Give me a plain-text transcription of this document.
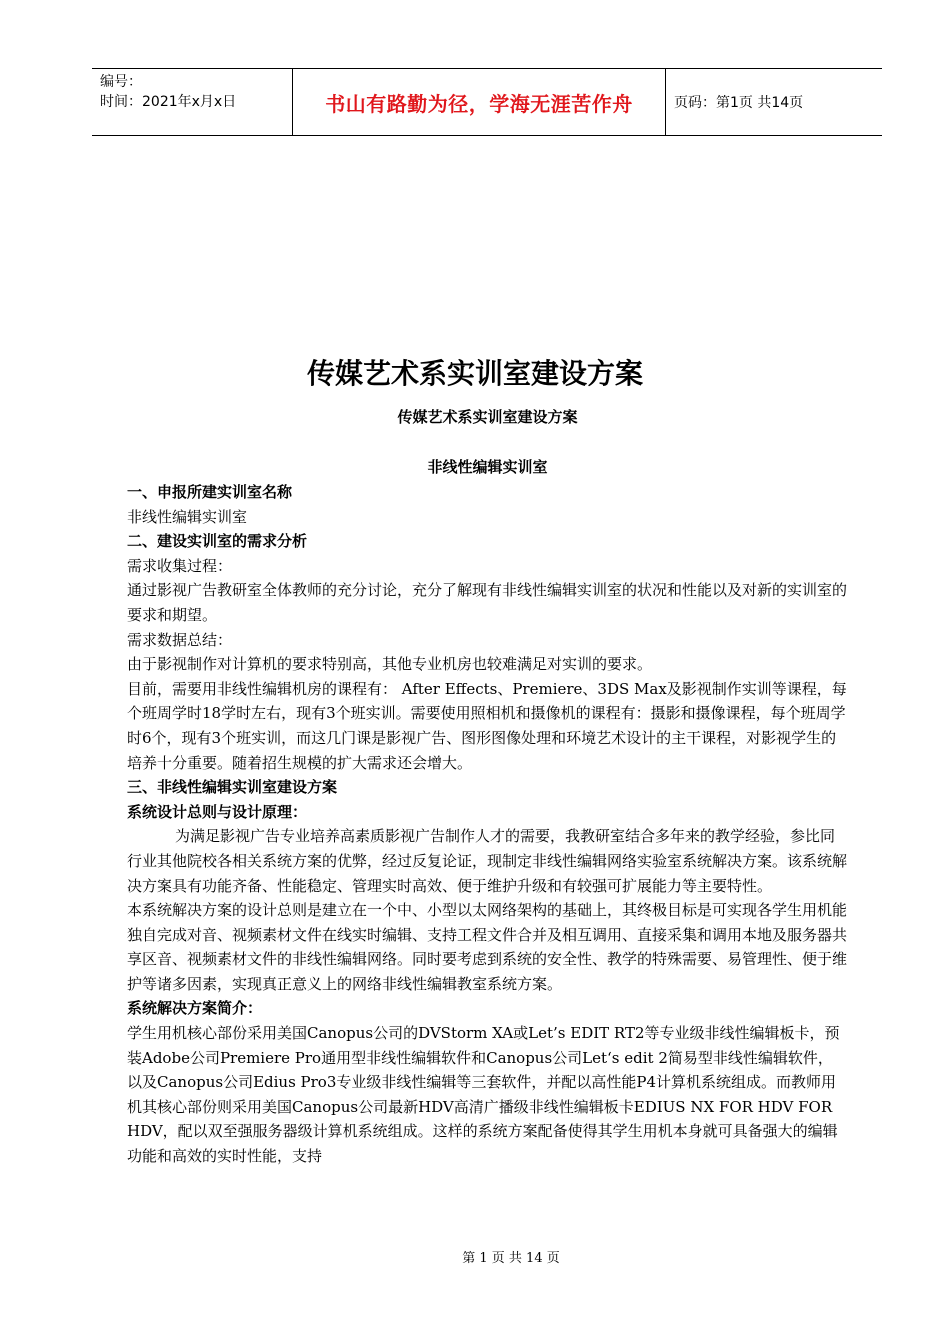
编号：
时间：2021年x月x日	书山有路勤为径，学海无涯苦作舟	页码：第1页 共14页
传媒艺术系实训室建设方案
传媒艺术系实训室建设方案
非线性编辑实训室

一、申报所建实训室名称

非线性编辑实训室

二、建设实训室的需求分析

需求收集过程：

通过影视广告教研室全体教师的充分讨论，充分了解现有非线性编辑实训室的状况和性能以及对新的实训室的要求和期望。

需求数据总结：

由于影视制作对计算机的要求特别高，其他专业机房也较难满足对实训的要求。

目前，需要用非线性编辑机房的课程有： After Effects、Premiere、3DS Max及影视制作实训等课程，每个班周学时18学时左右，现有3个班实训。需要使用照相机和摄像机的课程有：摄影和摄像课程，每个班周学时6个，现有3个班实训，而这几门课是影视广告、图形图像处理和环境艺术设计的主干课程，对影视学生的培养十分重要。随着招生规模的扩大需求还会增大。

三、非线性编辑实训室建设方案

系统设计总则与设计原理：

为满足影视广告专业培养高素质影视广告制作人才的需要，我教研室结合多年来的教学经验，参比同行业其他院校各相关系统方案的优弊，经过反复论证，现制定非线性编辑网络实验室系统解决方案。该系统解决方案具有功能齐备、性能稳定、管理实时高效、便于维护升级和有较强可扩展能力等主要特性。

本系统解决方案的设计总则是建立在一个中、小型以太网络架构的基础上，其终极目标是可实现各学生用机能独自完成对音、视频素材文件在线实时编辑、支持工程文件合并及相互调用、直接采集和调用本地及服务器共享区音、视频素材文件的非线性编辑网络。同时要考虑到系统的安全性、教学的特殊需要、易管理性、便于维护等诸多因素，实现真正意义上的网络非线性编辑教室系统方案。

系统解决方案简介：

学生用机核心部份采用美国Canopus公司的DVStorm XA或Let’s EDIT RT2等专业级非线性编辑板卡，预装Adobe公司Premiere Pro通用型非线性编辑软件和Canopus公司Let‘s edit 2简易型非线性编辑软件，以及Canopus公司Edius Pro3专业级非线性编辑等三套软件，并配以高性能P4计算机系统组成。而教师用机其核心部份则采用美国Canopus公司最新HDV高清广播级非线性编辑板卡EDIUS NX FOR HDV FOR HDV，配以双至强服务器级计算机系统组成。这样的系统方案配备使得其学生用机本身就可具备强大的编辑功能和高效的实时性能，支持

第 1 页 共 14 页
